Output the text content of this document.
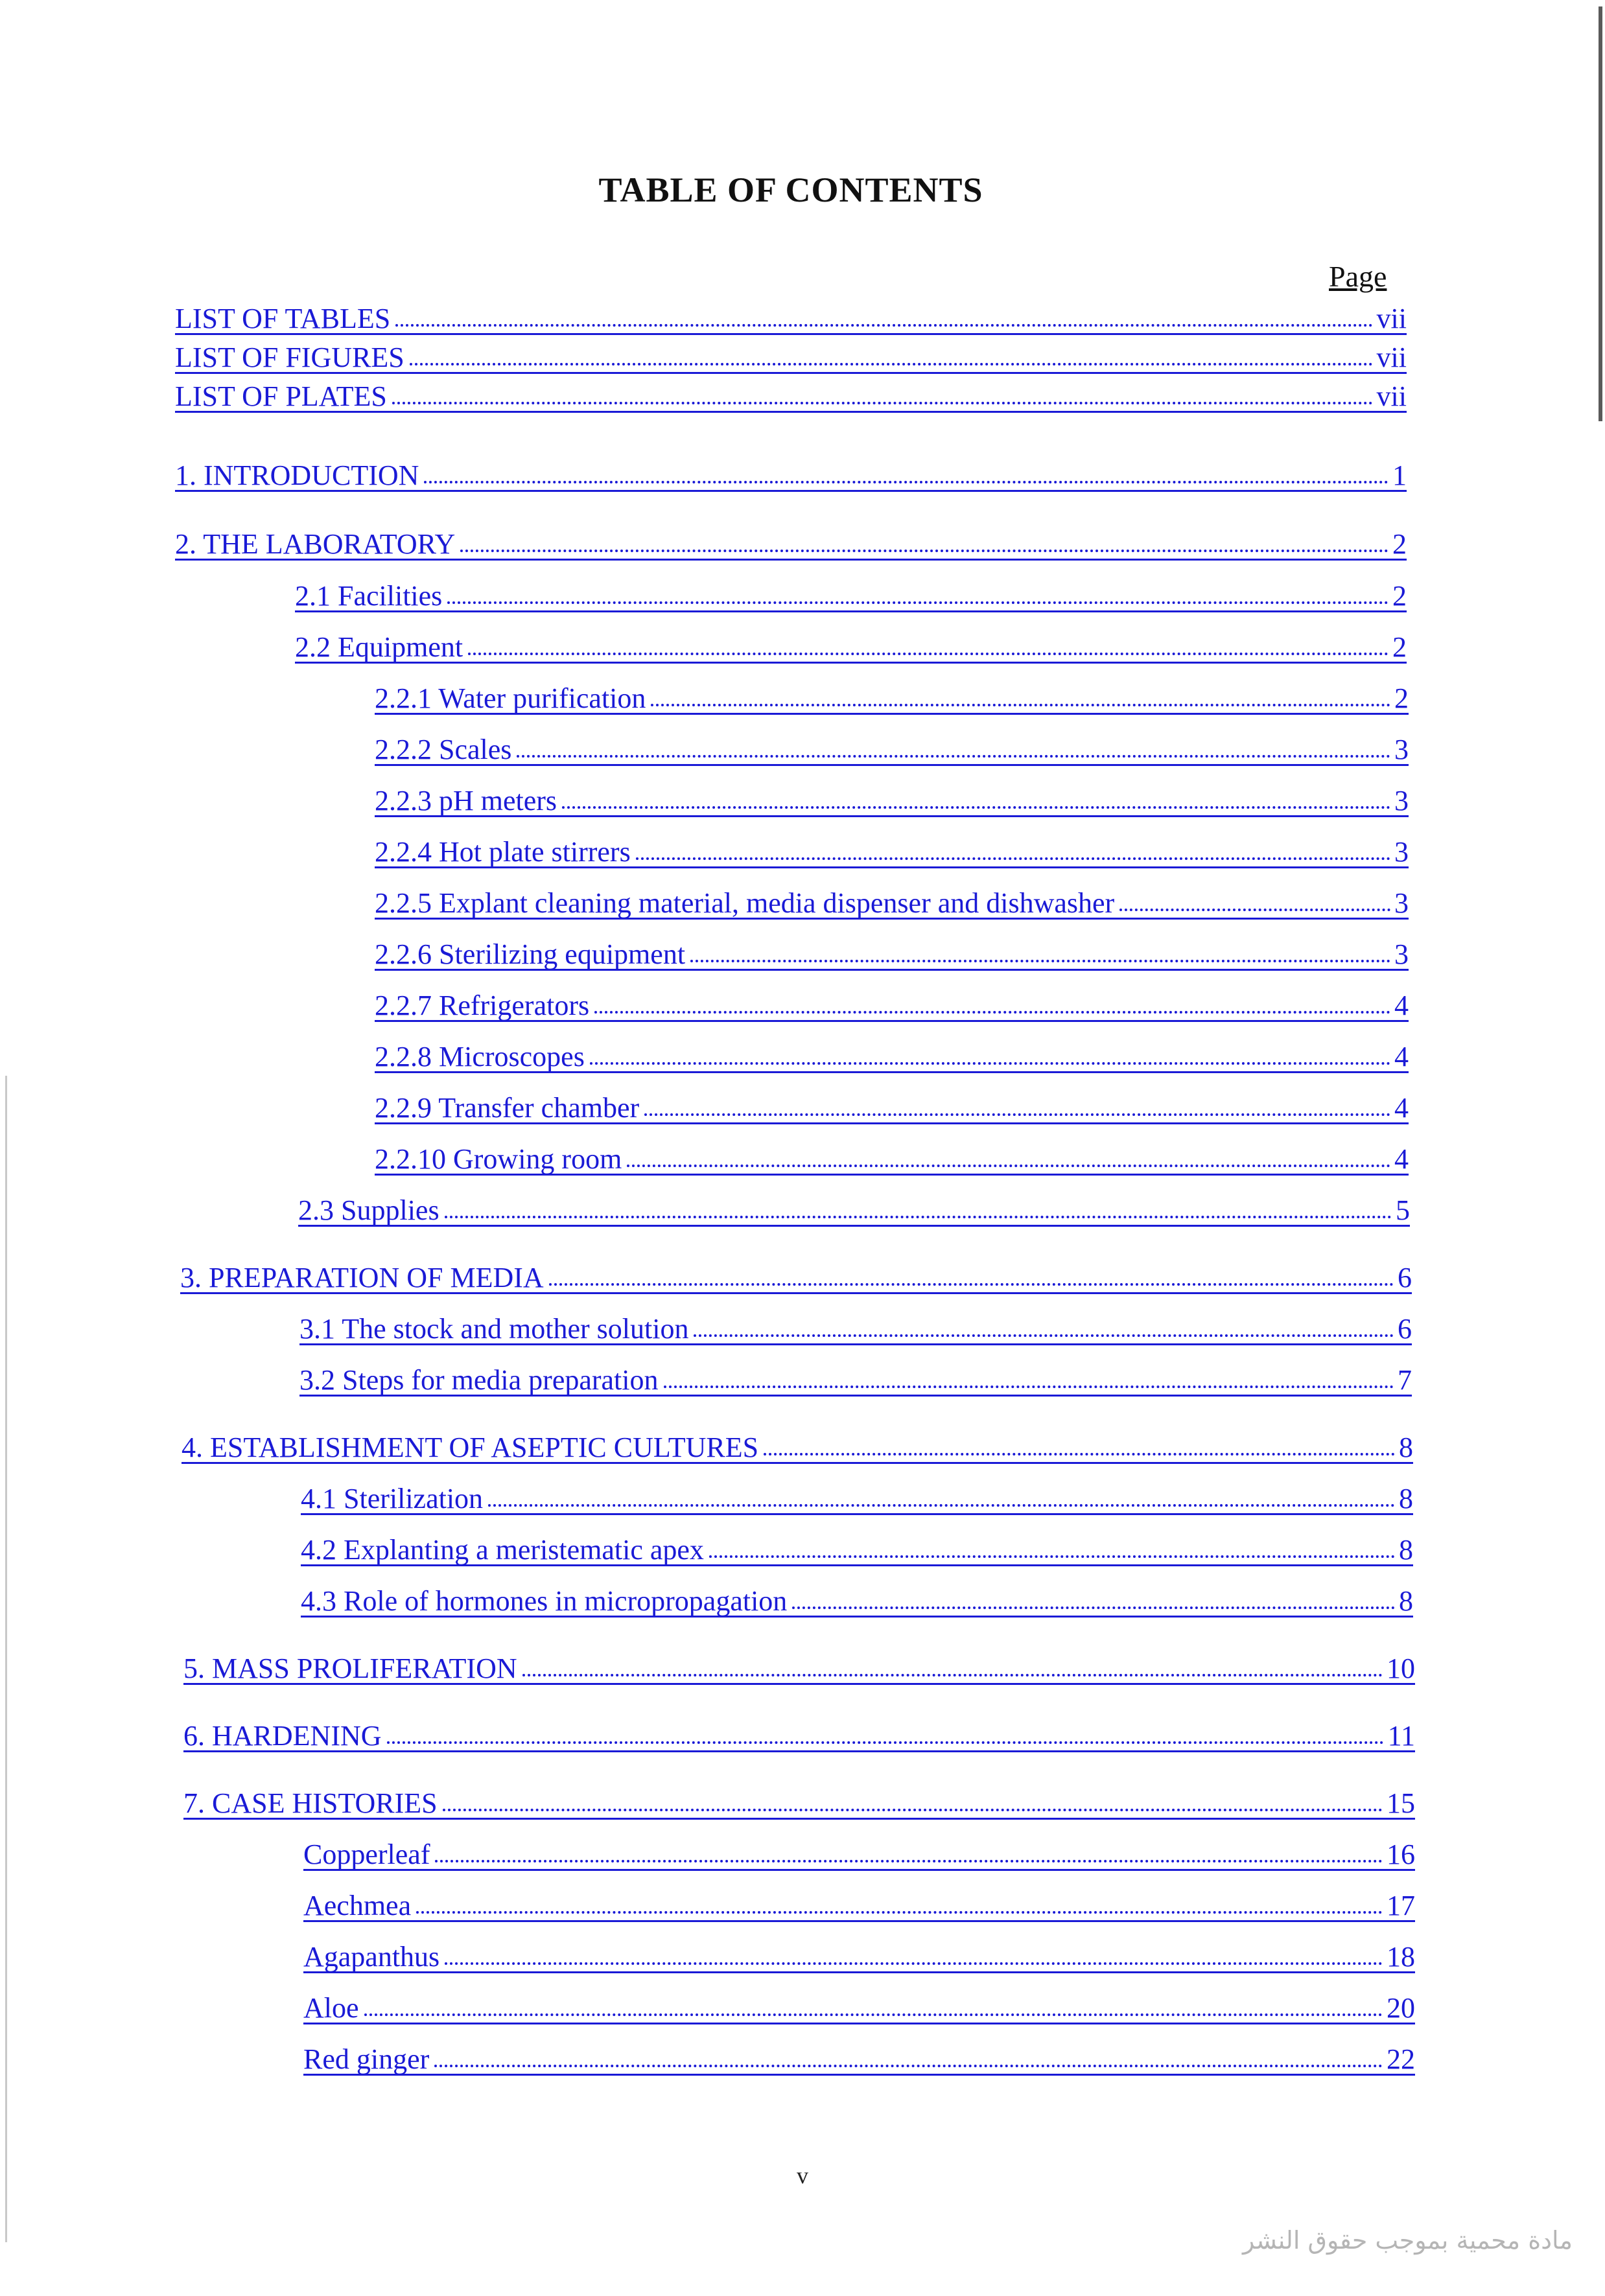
TABLE OF CONTENTS
Page
LIST OF TABLES	vii
LIST OF FIGURES	vii
LIST OF PLATES	vii
1. INTRODUCTION	1
2. THE LABORATORY	2
2.1 Facilities	2
2.2 Equipment	2
2.2.1 Water purification	2
2.2.2 Scales	3
2.2.3 pH meters	3
2.2.4 Hot plate stirrers	3
2.2.5 Explant cleaning material, media dispenser and dishwasher	3
2.2.6 Sterilizing equipment	3
2.2.7 Refrigerators	4
2.2.8 Microscopes	4
2.2.9 Transfer chamber	4
2.2.10 Growing room	4
2.3 Supplies	5
3. PREPARATION OF MEDIA	6
3.1 The stock and mother solution	6
3.2 Steps for media preparation	7
4. ESTABLISHMENT OF ASEPTIC CULTURES	8
4.1 Sterilization	8
4.2 Explanting a meristematic apex	8
4.3 Role of hormones in micropropagation	8
5. MASS PROLIFERATION	10
6. HARDENING	11
7. CASE HISTORIES	15
Copperleaf	16
Aechmea	17
Agapanthus	18
Aloe	20
Red ginger	22
v
مادة محمية بموجب حقوق النشر
